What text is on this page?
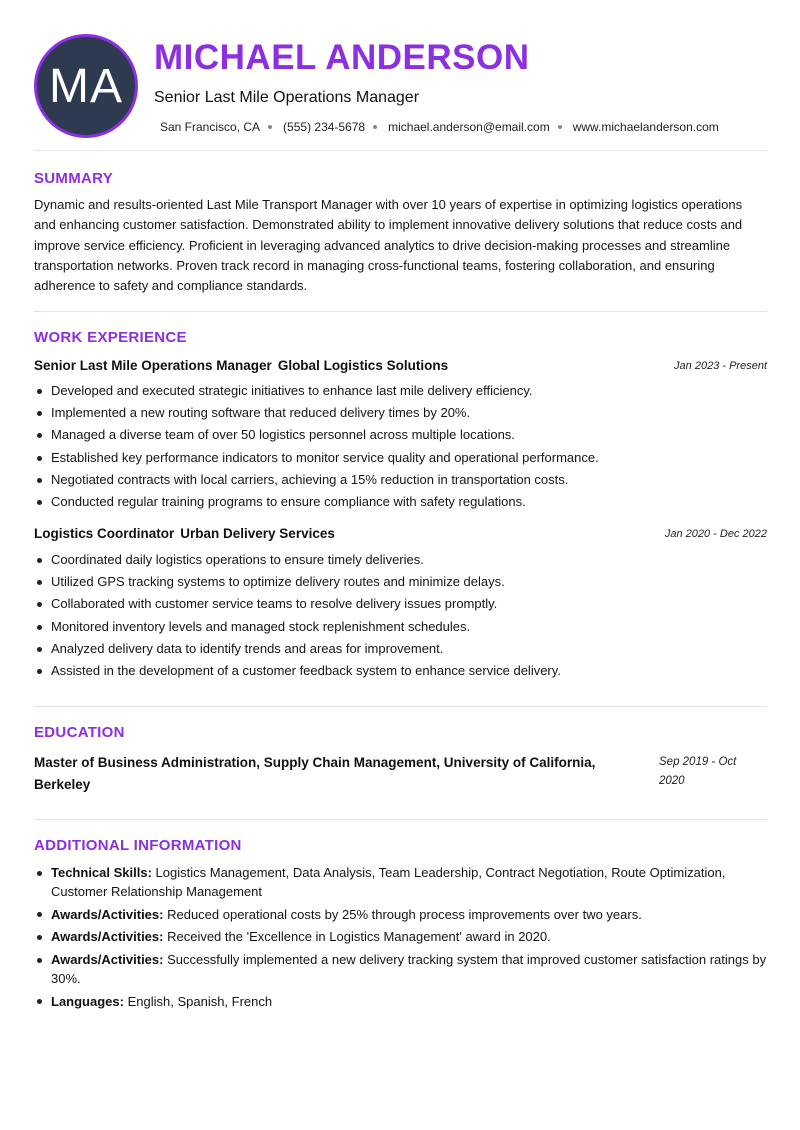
MA
MICHAEL ANDERSON
Senior Last Mile Operations Manager
San Francisco, CA (555) 234-5678 michael.anderson@email.com www.michaelanderson.com
SUMMARY

Dynamic and results-oriented Last Mile Transport Manager with over 10 years of expertise in optimizing logistics operations and enhancing customer satisfaction. Demonstrated ability to implement innovative delivery solutions that reduce costs and improve service efficiency. Proficient in leveraging advanced analytics to drive decision-making processes and streamline transportation networks. Proven track record in managing cross-functional teams, fostering collaboration, and ensuring adherence to safety and compliance standards.

WORK EXPERIENCE
Senior Last Mile Operations Manager Global Logistics Solutions	Jan 2023 - Present
Developed and executed strategic initiatives to enhance last mile delivery efficiency.
Implemented a new routing software that reduced delivery times by 20%.
Managed a diverse team of over 50 logistics personnel across multiple locations.
Established key performance indicators to monitor service quality and operational performance.
Negotiated contracts with local carriers, achieving a 15% reduction in transportation costs.
Conducted regular training programs to ensure compliance with safety regulations.
Logistics Coordinator Urban Delivery Services	Jan 2020 - Dec 2022
Coordinated daily logistics operations to ensure timely deliveries.
Utilized GPS tracking systems to optimize delivery routes and minimize delays.
Collaborated with customer service teams to resolve delivery issues promptly.
Monitored inventory levels and managed stock replenishment schedules.
Analyzed delivery data to identify trends and areas for improvement.
Assisted in the development of a customer feedback system to enhance service delivery.
EDUCATION
Master of Business Administration, Supply Chain Management, University of California, Berkeley
Sep 2019 - Oct 2020
ADDITIONAL INFORMATION
Technical Skills: Logistics Management, Data Analysis, Team Leadership, Contract Negotiation, Route Optimization, Customer Relationship Management
Awards/Activities: Reduced operational costs by 25% through process improvements over two years.
Awards/Activities: Received the 'Excellence in Logistics Management' award in 2020.
Awards/Activities: Successfully implemented a new delivery tracking system that improved customer satisfaction ratings by 30%.
Languages: English, Spanish, French
